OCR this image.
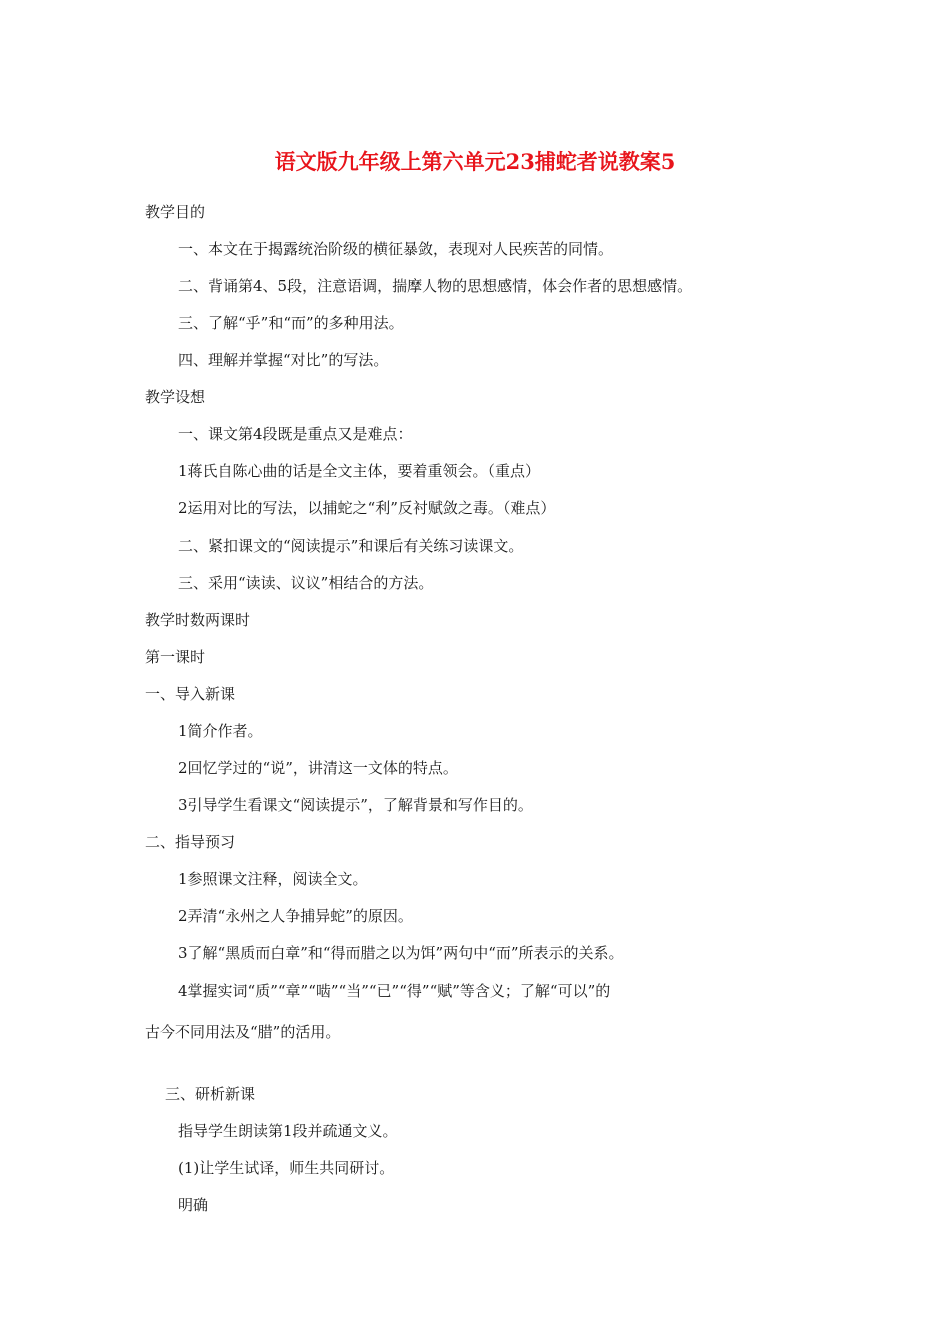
语文版九年级上第六单元23捕蛇者说教案5
教学目的
一、本文在于揭露统治阶级的横征暴敛，表现对人民疾苦的同情。
二、背诵第4、5段，注意语调，揣摩人物的思想感情，体会作者的思想感情。
三、了解“乎”和“而”的多种用法。
四、理解并掌握“对比”的写法。
教学设想
一、课文第4段既是重点又是难点：
1蒋氏自陈心曲的话是全文主体，要着重领会。（重点）
2运用对比的写法，以捕蛇之“利”反衬赋敛之毒。（难点）
二、紧扣课文的“阅读提示”和课后有关练习读课文。
三、采用“读读、议议”相结合的方法。
教学时数两课时
第一课时
一、导入新课
1简介作者。
2回忆学过的“说”，讲清这一文体的特点。
3引导学生看课文“阅读提示”，了解背景和写作目的。
二、指导预习
1参照课文注释，阅读全文。
2弄清“永州之人争捕异蛇”的原因。
3了解“黑质而白章”和“得而腊之以为饵”两句中“而”所表示的关系。
4掌握实词“质”“章”“啮”“当”“已”“得”“赋”等含义；了解“可以”的
古今不同用法及“腊”的活用。
三、研析新课
指导学生朗读第1段并疏通文义。
(1)让学生试译，师生共同研讨。
明确
